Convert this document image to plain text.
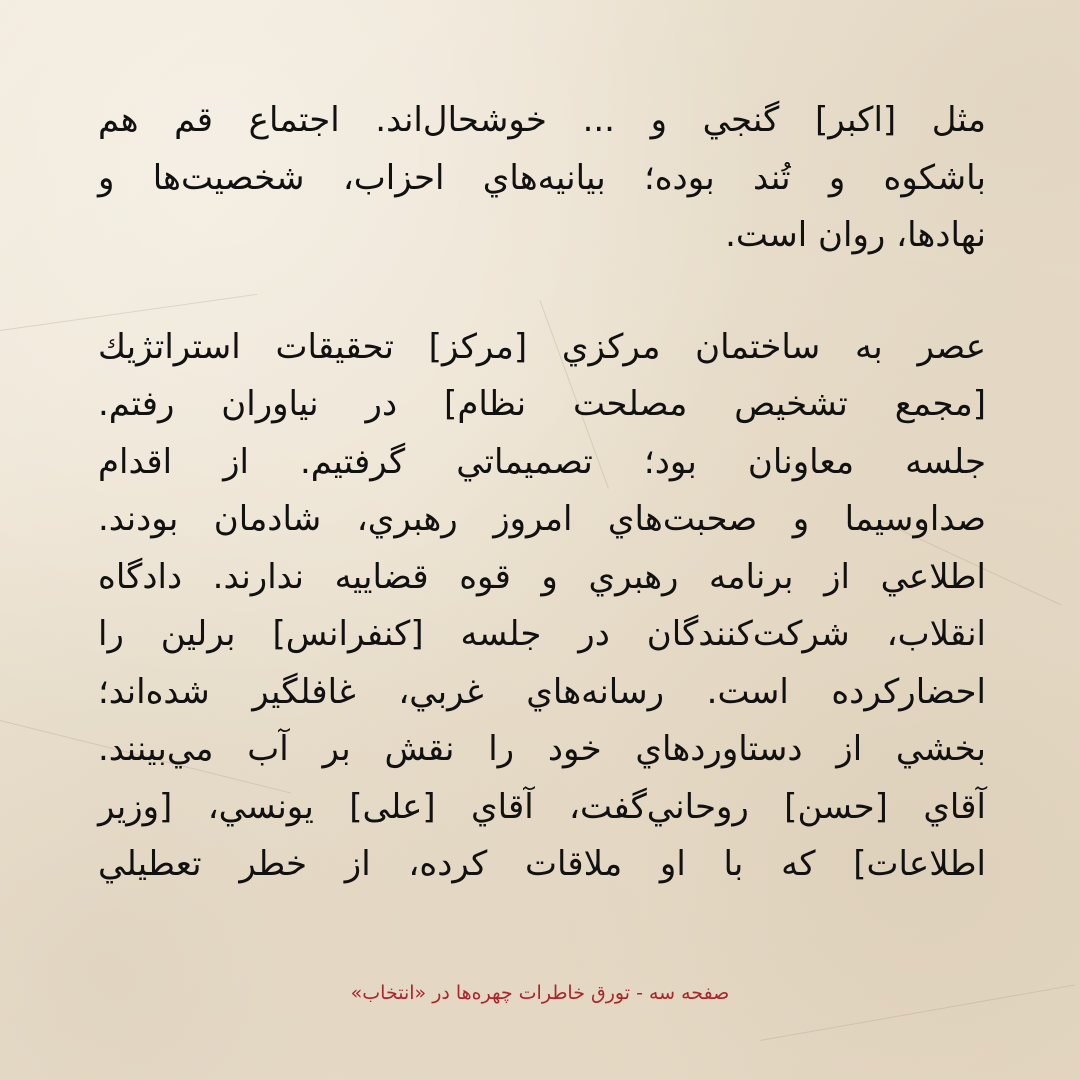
مثل [اکبر] گنجي و ... خوشحال‌اند. اجتماع قم هم
باشکوه و تُند بوده؛ بيانيه‌هاي احزاب، شخصيت‌ها و
نهادها، روان است.
عصر به ساختمان مرکزي [مرکز] تحقيقات استراتژيك
[مجمع تشخيص مصلحت نظام] در نياوران رفتم.
جلسه معاونان بود؛ تصميماتي گرفتيم. از اقدام
صداوسيما و صحبت‌هاي امروز رهبري، شادمان بودند.
اطلاعي از برنامه رهبري و قوه قضاييه ندارند. دادگاه
انقلاب، شرکت‌کنندگان در جلسه [کنفرانس] برلين را
احضارکرده است. رسانه‌هاي غربي، غافلگير شده‌اند؛
بخشي از دستاوردهاي خود را نقش بر آب مي‌بينند.
آقاي [حسن] روحاني‌گفت، آقاي [علی] يونسي، [وزير
اطلاعات] که با او ملاقات کرده، از خطر تعطيلي
صفحه سه - تورق خاطرات چهره‌ها در «انتخاب»
